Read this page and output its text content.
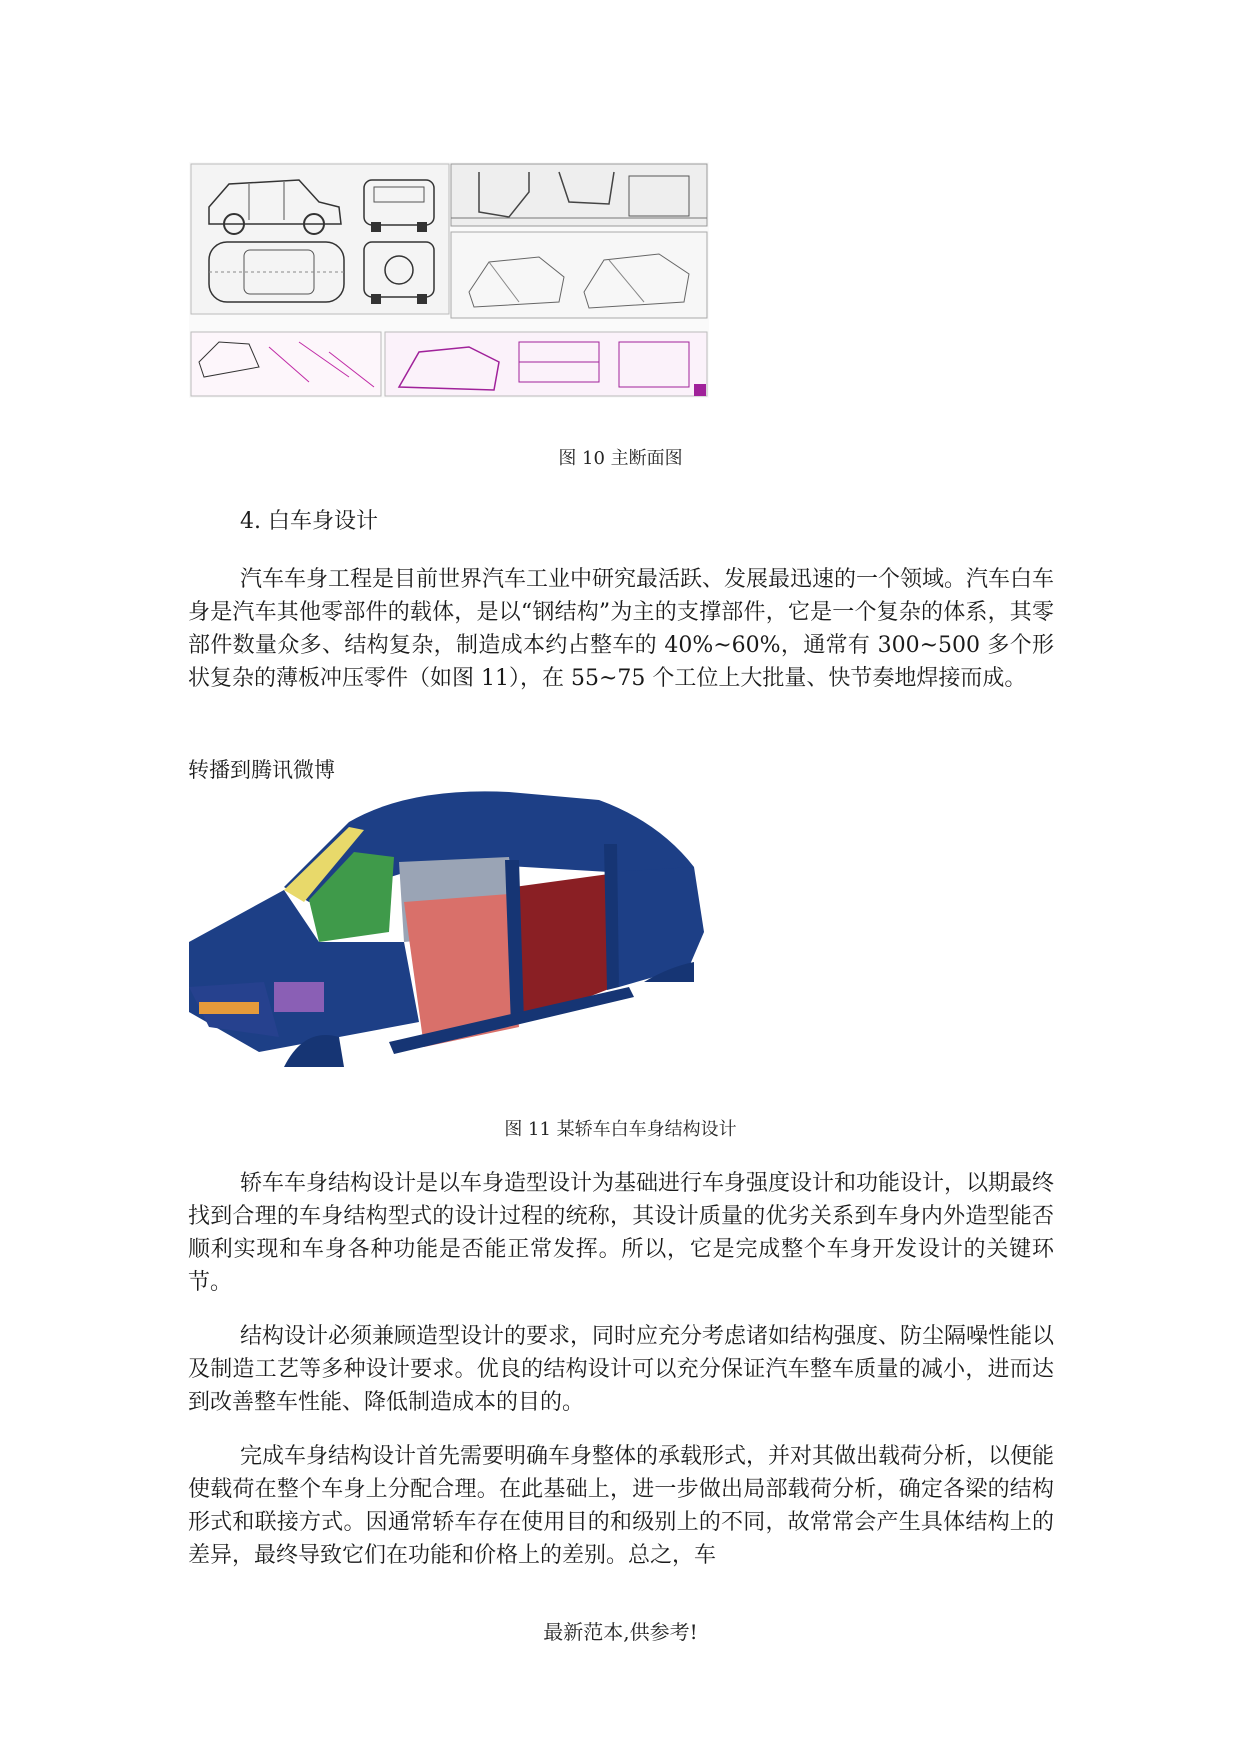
图 10 主断面图
4. 白车身设计

汽车车身工程是目前世界汽车工业中研究最活跃、发展最迅速的一个领域。汽车白车身是汽车其他零部件的载体，是以“钢结构”为主的支撑部件，它是一个复杂的体系，其零部件数量众多、结构复杂，制造成本约占整车的 40%~60%，通常有 300~500 多个形状复杂的薄板冲压零件（如图 11），在 55~75 个工位上大批量、快节奏地焊接而成。

转播到腾讯微博
图 11 某轿车白车身结构设计

轿车车身结构设计是以车身造型设计为基础进行车身强度设计和功能设计，以期最终找到合理的车身结构型式的设计过程的统称，其设计质量的优劣关系到车身内外造型能否顺利实现和车身各种功能是否能正常发挥。所以，它是完成整个车身开发设计的关键环节。

结构设计必须兼顾造型设计的要求，同时应充分考虑诸如结构强度、防尘隔噪性能以及制造工艺等多种设计要求。优良的结构设计可以充分保证汽车整车质量的减小，进而达到改善整车性能、降低制造成本的目的。

完成车身结构设计首先需要明确车身整体的承载形式，并对其做出载荷分析，以便能使载荷在整个车身上分配合理。在此基础上，进一步做出局部载荷分析，确定各梁的结构形式和联接方式。因通常轿车存在使用目的和级别上的不同，故常常会产生具体结构上的差异，最终导致它们在功能和价格上的差别。总之，车

最新范本,供参考!
